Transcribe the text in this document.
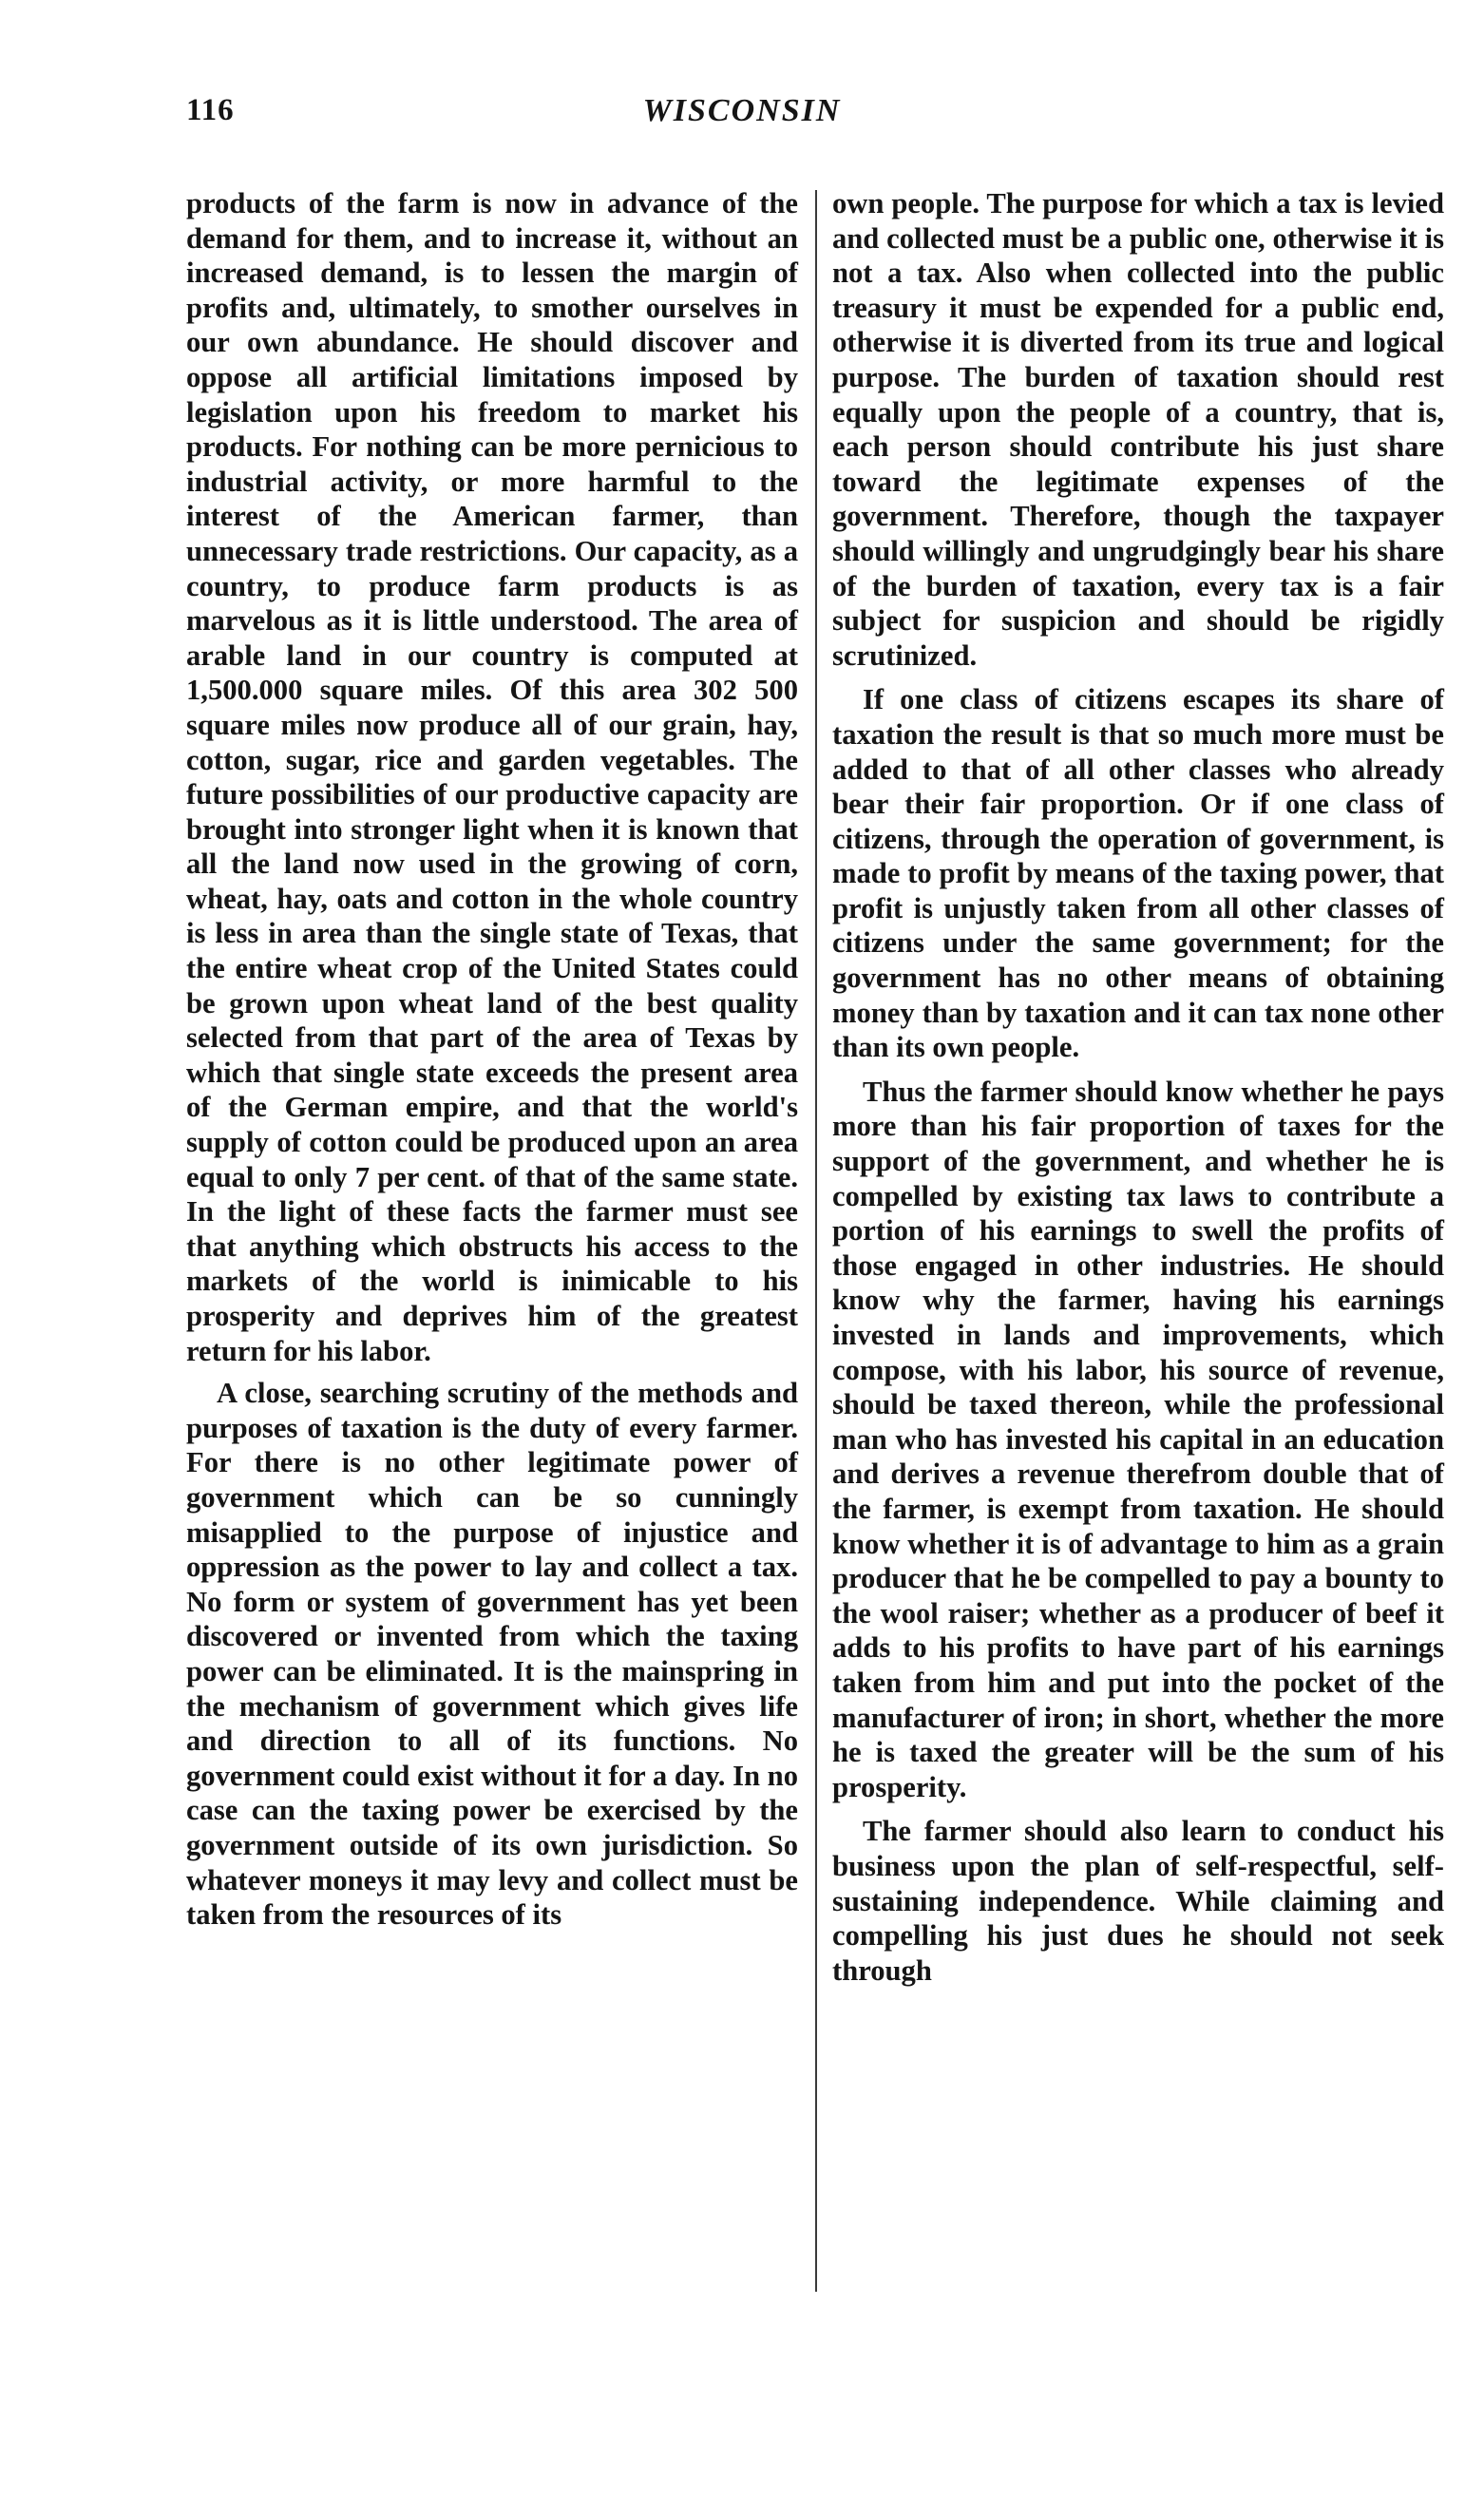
116	WISCONSIN

products of the farm is now in advance of the demand for them, and to increase it, without an increased demand, is to lessen the margin of profits and, ultimately, to smother ourselves in our own abundance. He should discover and oppose all artificial limitations imposed by legislation upon his freedom to market his products. For nothing can be more pernicious to industrial activity, or more harmful to the interest of the American farmer, than unnecessary trade restrictions. Our capacity, as a country, to produce farm products is as marvelous as it is little understood. The area of arable land in our country is computed at 1,500.000 square miles. Of this area 302 500 square miles now produce all of our grain, hay, cotton, sugar, rice and garden vegetables. The future possibilities of our productive capacity are brought into stronger light when it is known that all the land now used in the growing of corn, wheat, hay, oats and cotton in the whole country is less in area than the single state of Texas, that the entire wheat crop of the United States could be grown upon wheat land of the best quality selected from that part of the area of Texas by which that single state exceeds the present area of the German empire, and that the world's supply of cotton could be produced upon an area equal to only 7 per cent. of that of the same state. In the light of these facts the farmer must see that anything which obstructs his access to the markets of the world is inimicable to his prosperity and deprives him of the greatest return for his labor.

A close, searching scrutiny of the methods and purposes of taxation is the duty of every farmer. For there is no other legitimate power of government which can be so cunningly misapplied to the purpose of injustice and oppression as the power to lay and collect a tax. No form or system of government has yet been discovered or invented from which the taxing power can be eliminated. It is the mainspring in the mechanism of government which gives life and direction to all of its functions. No government could exist without it for a day. In no case can the taxing power be exercised by the government outside of its own jurisdiction. So whatever moneys it may levy and collect must be taken from the resources of its

own people. The purpose for which a tax is levied and collected must be a public one, otherwise it is not a tax. Also when collected into the public treasury it must be expended for a public end, otherwise it is diverted from its true and logical purpose. The burden of taxation should rest equally upon the people of a country, that is, each person should contribute his just share toward the legitimate expenses of the government. Therefore, though the taxpayer should willingly and ungrudgingly bear his share of the burden of taxation, every tax is a fair subject for suspicion and should be rigidly scrutinized.

If one class of citizens escapes its share of taxation the result is that so much more must be added to that of all other classes who already bear their fair proportion. Or if one class of citizens, through the operation of government, is made to profit by means of the taxing power, that profit is unjustly taken from all other classes of citizens under the same government; for the government has no other means of obtaining money than by taxation and it can tax none other than its own people.

Thus the farmer should know whether he pays more than his fair proportion of taxes for the support of the government, and whether he is compelled by existing tax laws to contribute a portion of his earnings to swell the profits of those engaged in other industries. He should know why the farmer, having his earnings invested in lands and improvements, which compose, with his labor, his source of revenue, should be taxed thereon, while the professional man who has invested his capital in an education and derives a revenue therefrom double that of the farmer, is exempt from taxation. He should know whether it is of advantage to him as a grain producer that he be compelled to pay a bounty to the wool raiser; whether as a producer of beef it adds to his profits to have part of his earnings taken from him and put into the pocket of the manufacturer of iron; in short, whether the more he is taxed the greater will be the sum of his prosperity.

The farmer should also learn to conduct his business upon the plan of self-respectful, self-sustaining independence. While claiming and compelling his just dues he should not seek through
